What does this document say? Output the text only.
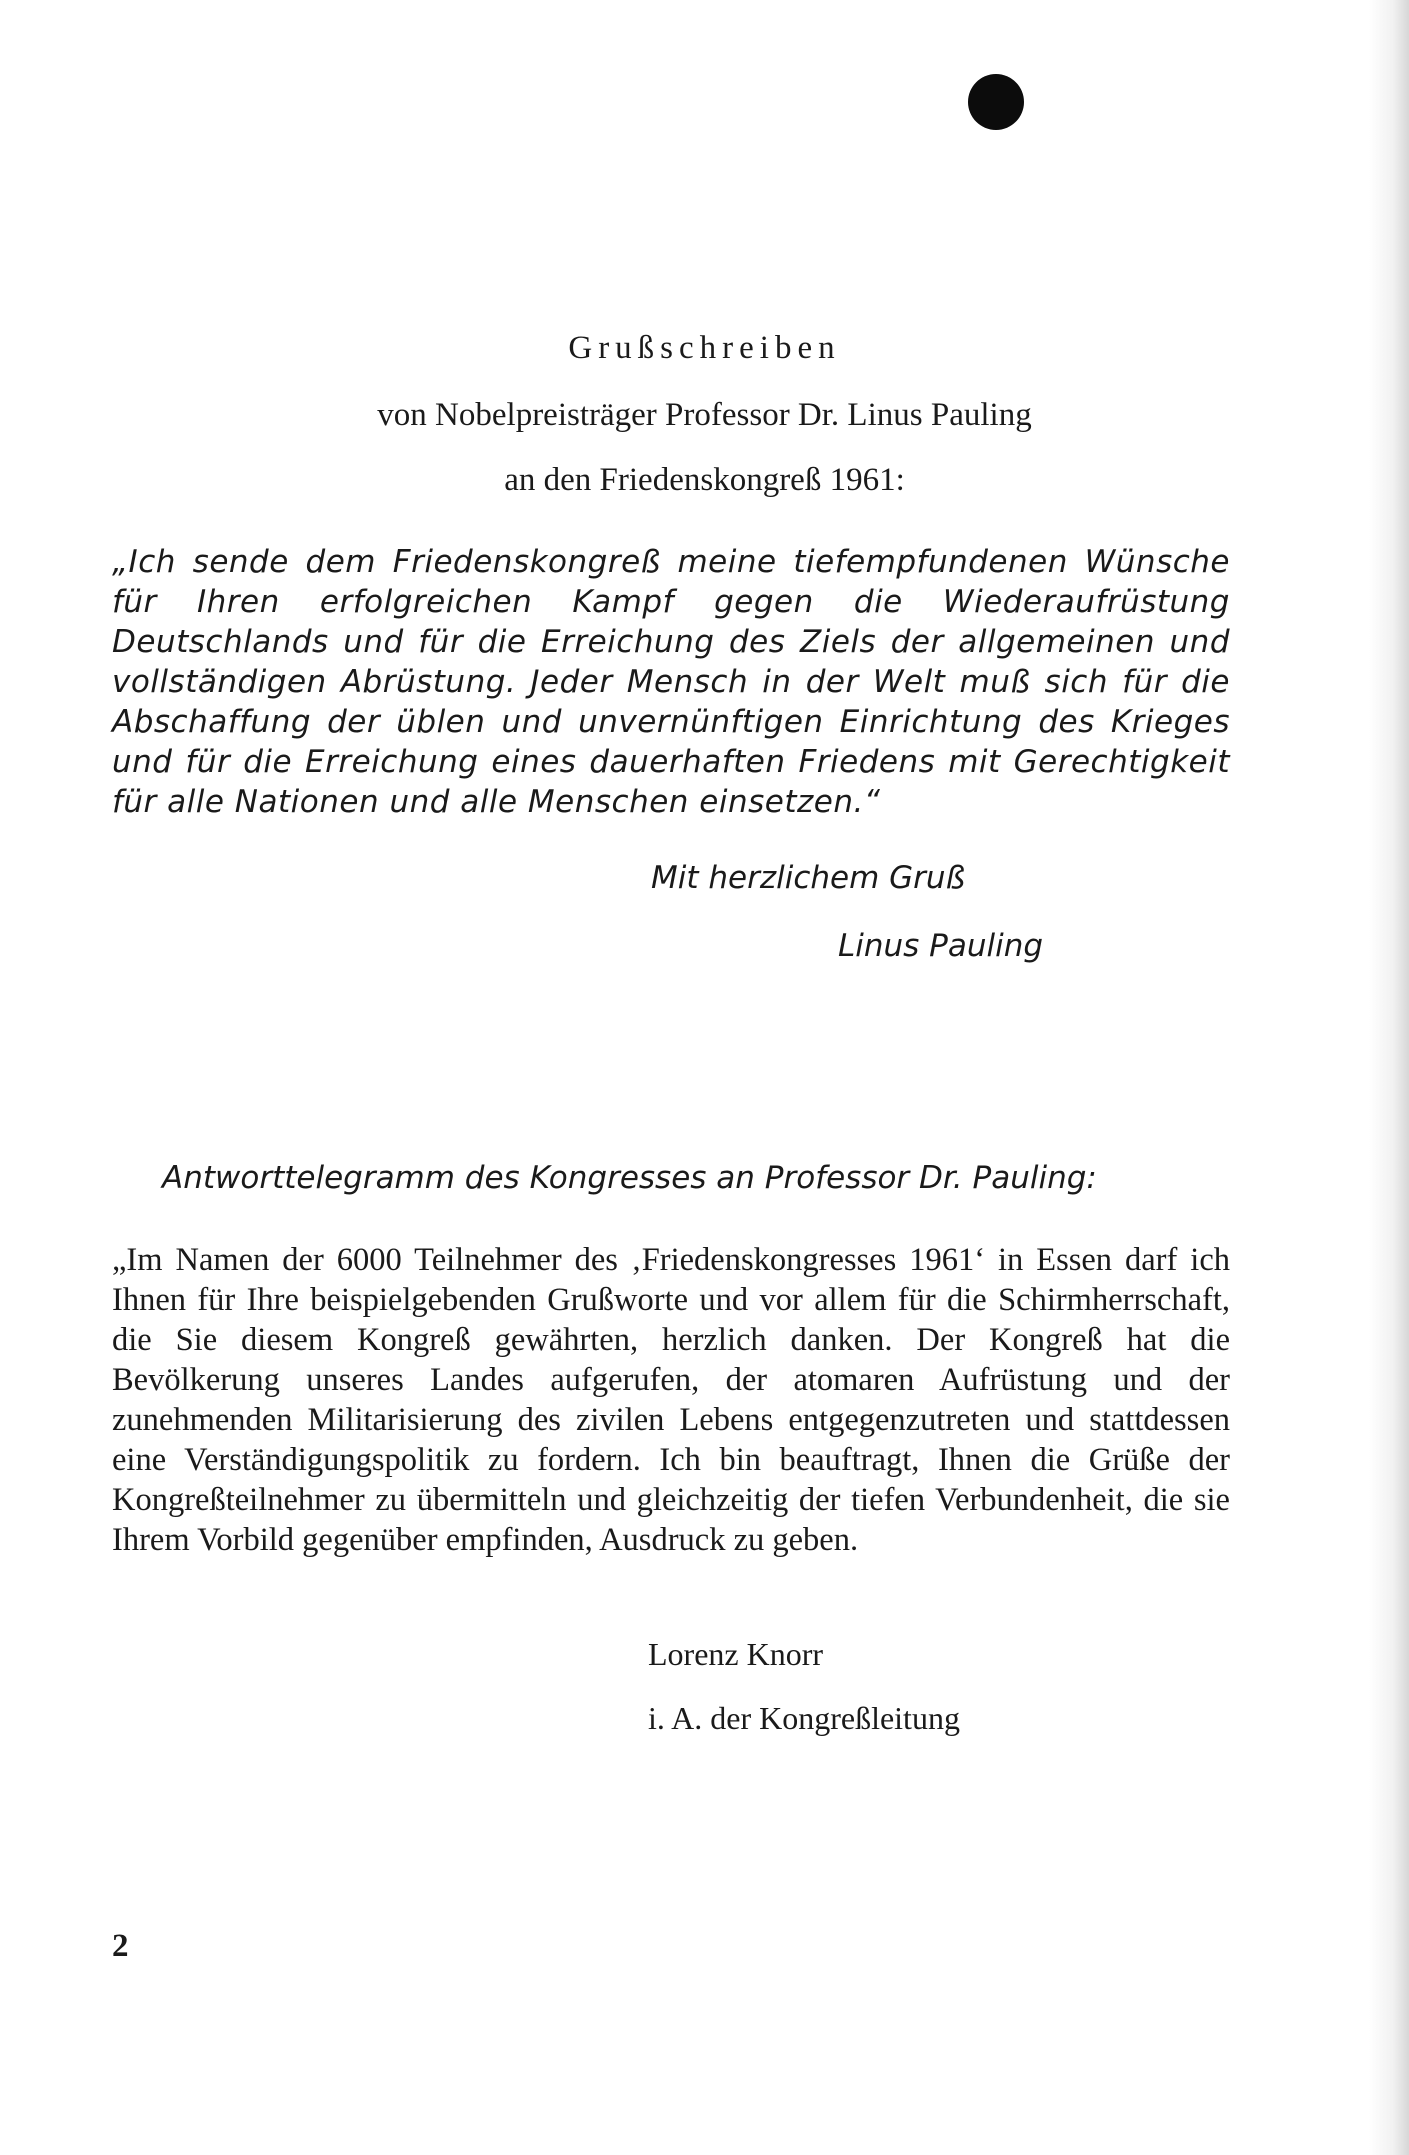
Grußschreiben

von Nobelpreisträger Professor Dr. Linus Pauling

an den Friedenskongreß 1961:

„Ich sende dem Friedenskongreß meine tiefempfundenen Wünsche für Ihren erfolgreichen Kampf gegen die Wiederaufrüstung Deutschlands und für die Erreichung des Ziels der allgemeinen und vollständigen Abrüstung. Jeder Mensch in der Welt muß sich für die Abschaffung der üblen und unvernünftigen Einrichtung des Krieges und für die Erreichung eines dauerhaften Friedens mit Gerechtigkeit für alle Nationen und alle Menschen einsetzen.“

Mit herzlichem Gruß

Linus Pauling

Antworttelegramm des Kongresses an Professor Dr. Pauling:

„Im Namen der 6000 Teilnehmer des ‚Friedenskongresses 1961‘ in Essen darf ich Ihnen für Ihre beispielgebenden Grußworte und vor allem für die Schirmherrschaft, die Sie diesem Kongreß gewährten, herzlich danken. Der Kongreß hat die Bevölkerung unseres Landes aufgerufen, der atomaren Aufrüstung und der zunehmenden Militarisierung des zivilen Lebens entgegenzutreten und stattdessen eine Verständigungspolitik zu fordern. Ich bin beauftragt, Ihnen die Grüße der Kongreßteilnehmer zu übermitteln und gleichzeitig der tiefen Verbundenheit, die sie Ihrem Vorbild gegenüber empfinden, Ausdruck zu geben.

Lorenz Knorr

i. A. der Kongreßleitung

2
